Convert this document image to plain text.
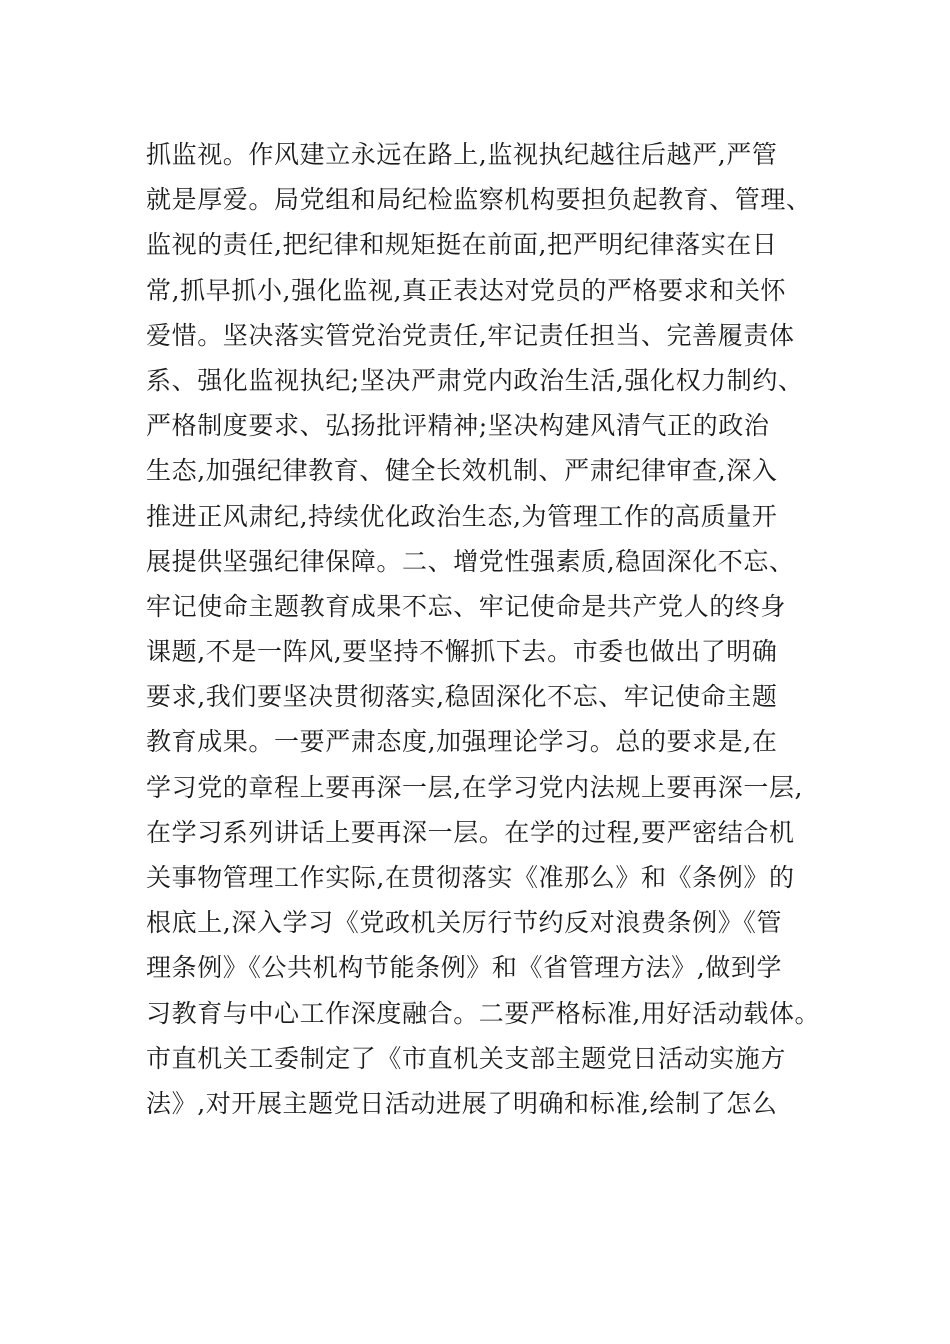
抓监视。作风建立永远在路上,监视执纪越往后越严,严管
就是厚爱。局党组和局纪检监察机构要担负起教育、管理、
监视的责任,把纪律和规矩挺在前面,把严明纪律落实在日
常,抓早抓小,强化监视,真正表达对党员的严格要求和关怀
爱惜。坚决落实管党治党责任,牢记责任担当、完善履责体
系、强化监视执纪;坚决严肃党内政治生活,强化权力制约、
严格制度要求、弘扬批评精神;坚决构建风清气正的政治
生态,加强纪律教育、健全长效机制、严肃纪律审查,深入
推进正风肃纪,持续优化政治生态,为管理工作的高质量开
展提供坚强纪律保障。二、增党性强素质,稳固深化不忘、
牢记使命主题教育成果不忘、牢记使命是共产党人的终身
课题,不是一阵风,要坚持不懈抓下去。市委也做出了明确
要求,我们要坚决贯彻落实,稳固深化不忘、牢记使命主题
教育成果。一要严肃态度,加强理论学习。总的要求是,在
学习党的章程上要再深一层,在学习党内法规上要再深一层,
在学习系列讲话上要再深一层。在学的过程,要严密结合机
关事物管理工作实际,在贯彻落实《准那么》和《条例》的
根底上,深入学习《党政机关厉行节约反对浪费条例》《管
理条例》《公共机构节能条例》和《省管理方法》,做到学
习教育与中心工作深度融合。二要严格标准,用好活动载体。
市直机关工委制定了《市直机关支部主题党日活动实施方
法》,对开展主题党日活动进展了明确和标准,绘制了怎么
